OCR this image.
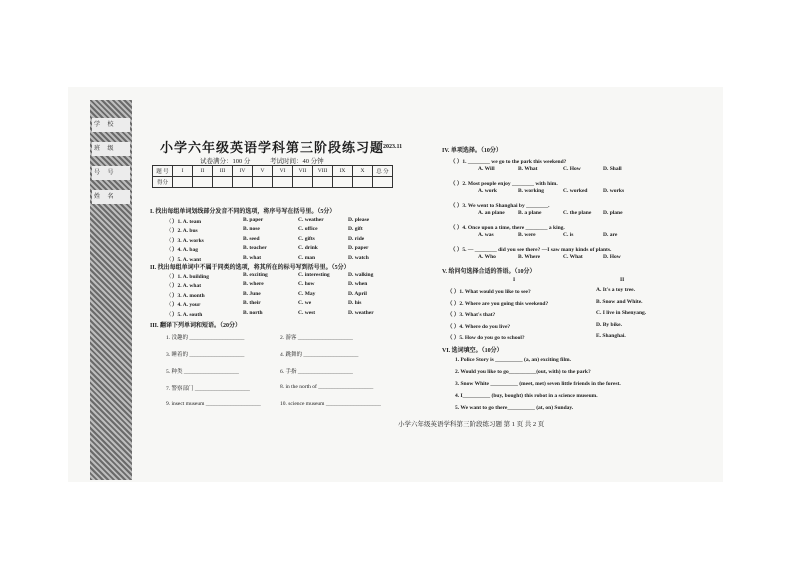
学 校
班 级
号 号
姓 名
小学六年级英语学科第三阶段练习题
2023.11
试卷满分：100 分	考试时间：40 分钟
题 号	I	II	III	IV	V	VI	VII	VIII	IX	X	总 分
得分											
I. 找出每组单词划线部分发音不同的选项，将序号写在括号里。（5分）
（ ）1. A. team	B. paper	C. weather	D. please
（ ）2. A. bus	B. nose	C. office	D. gift
（ ）3. A. works	B. seed	C. gifts	D. ride
（ ）4. A. bag	B. teacher	C. drink	D. paper
（ ）5. A. want	B. what	C. man	D. watch
II. 找出每组单词中不属于同类的选项，将其所在的标号写到括号里。（5分）
（ ）1. A. building	B. exciting	C. interesting	D. walking
（ ）2. A. what	B. where	C. how	D. when
（ ）3. A. month	B. June	C. May	D. April
（ ）4. A. your	B. their	C. we	D. his
（ ）5. A. south	B. north	C. west	D. weather
III. 翻译下列单词和短语。（20分）
1. 没趣的 ____________________	2. 游客 ____________________
3. 睡着的 ____________________	4. 跳舞的 ____________________
5. 种类 ____________________	6. 手指 ____________________
7. 警察部门 ____________________	8. in the north of ____________________
9. insect museum ____________________	10. science museum ____________________
IV. 单项选择。（10分）
（ ）1. ________ we go to the park this weekend?
A. Will	B. What	C. How	D. Shall
（ ）2. Most people enjoy ________ with him.
A. work	B. working	C. worked	D. works
（ ）3. We went to Shanghai by ________.
A. an plane B. a plane	C. the plane D. plane
（ ）4. Once upon a time, there ________ a king.
A. was	B. were	C. is	D. are
（ ）5. — ________ did you see there? —I saw many kinds of plants.
A. Who	B. Where	C. What	D. How
V. 给问句选择合适的答语。（10分）
I	II
（ ）1. What would you like to see?	A. It's a toy tree.
（ ）2. Where are you going this weekend?	B. Snow and White.
（ ）3. What's that?	C. I live in Shenyang.
（ ）4. Where do you live?	D. By bike.
（ ）5. How do you go to school?	E. Shanghai.
VI. 选词填空。（10分）
1. Police Story is __________ (a, an) exciting film.
2. Would you like to go__________(out, with) to the park?
3. Snow White __________ (meet, met) seven little friends in the forest.
4. I__________ (buy, bought) this robot in a science museum.
5. We want to go there__________ (at, on) Sunday.
小学六年级英语学科第三阶段练习题 第 1 页 共 2 页
